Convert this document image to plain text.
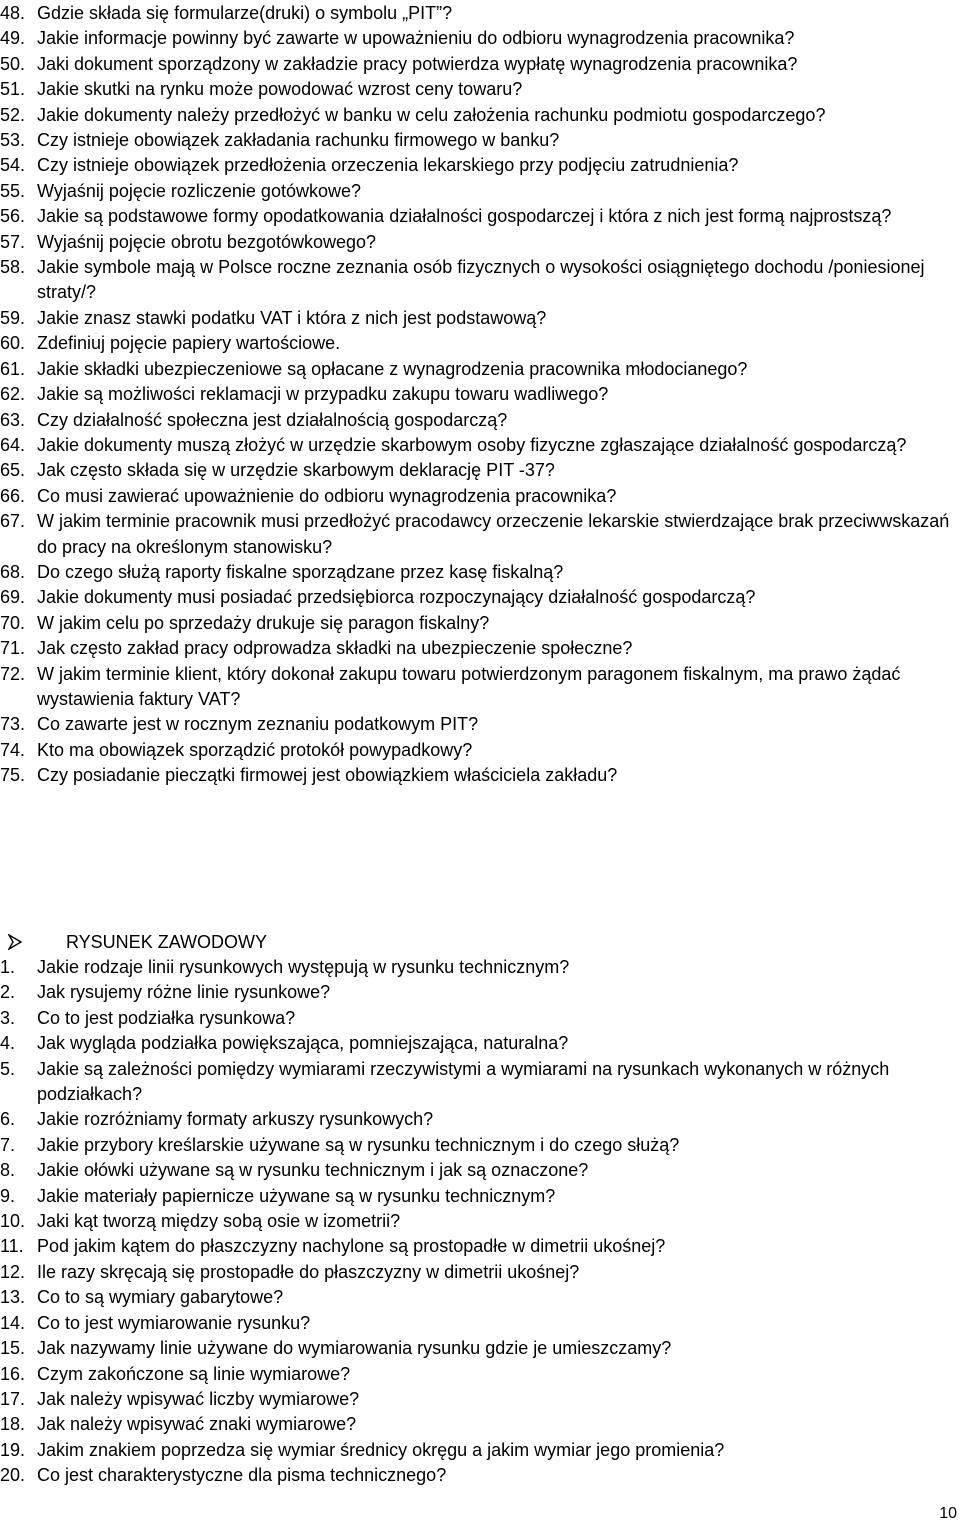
48. Gdzie składa się formularze(druki) o symbolu „PIT”?
49. Jakie informacje powinny być zawarte w upoważnieniu do odbioru wynagrodzenia pracownika?
50. Jaki dokument sporządzony w zakładzie pracy potwierdza wypłatę wynagrodzenia pracownika?
51. Jakie skutki na rynku może powodować wzrost ceny towaru?
52. Jakie dokumenty należy przedłożyć w banku w celu założenia rachunku podmiotu gospodarczego?
53. Czy istnieje obowiązek zakładania rachunku firmowego w banku?
54. Czy istnieje obowiązek przedłożenia orzeczenia lekarskiego przy podjęciu zatrudnienia?
55. Wyjaśnij pojęcie rozliczenie gotówkowe?
56. Jakie są podstawowe formy opodatkowania działalności gospodarczej i która z nich jest formą najprostszą?
57. Wyjaśnij pojęcie obrotu bezgotówkowego?
58. Jakie symbole mają w Polsce roczne zeznania osób fizycznych o wysokości osiągniętego dochodu /poniesionej straty/?
59. Jakie znasz stawki podatku VAT i która z nich jest podstawową?
60. Zdefiniuj pojęcie papiery wartościowe.
61. Jakie składki ubezpieczeniowe są opłacane z wynagrodzenia pracownika młodocianego?
62. Jakie są możliwości reklamacji w przypadku zakupu towaru wadliwego?
63. Czy działalność społeczna jest działalnością gospodarczą?
64. Jakie dokumenty muszą złożyć w urzędzie skarbowym osoby fizyczne zgłaszające działalność gospodarczą?
65. Jak często składa się w urzędzie skarbowym deklarację PIT -37?
66. Co musi zawierać upoważnienie do odbioru wynagrodzenia pracownika?
67. W jakim terminie pracownik musi przedłożyć pracodawcy orzeczenie lekarskie stwierdzające brak przeciwwskazań do pracy na określonym stanowisku?
68. Do czego służą raporty fiskalne sporządzane przez kasę fiskalną?
69. Jakie dokumenty musi posiadać przedsiębiorca rozpoczynający działalność gospodarczą?
70. W jakim celu po sprzedaży drukuje się paragon fiskalny?
71. Jak często zakład pracy odprowadza składki na ubezpieczenie społeczne?
72. W jakim terminie klient, który dokonał zakupu towaru potwierdzonym paragonem fiskalnym, ma prawo żądać wystawienia faktury VAT?
73. Co zawarte jest w rocznym zeznaniu podatkowym PIT?
74. Kto ma obowiązek sporządzić protokół powypadkowy?
75. Czy posiadanie pieczątki firmowej jest obowiązkiem właściciela zakładu?
RYSUNEK ZAWODOWY
1.	Jakie rodzaje linii rysunkowych występują w rysunku technicznym?
2.	Jak rysujemy różne linie rysunkowe?
3.	Co to jest podziałka rysunkowa?
4.	Jak wygląda podziałka powiększająca, pomniejszająca, naturalna?
5.	Jakie są zależności pomiędzy wymiarami rzeczywistymi a wymiarami na rysunkach wykonanych w różnych podziałkach?
6.	Jakie rozróżniamy formaty arkuszy rysunkowych?
7.	Jakie przybory kreślarskie używane są w rysunku technicznym i do czego służą?
8.	Jakie ołówki używane są w rysunku technicznym i jak są oznaczone?
9.	Jakie materiały papiernicze używane są w rysunku technicznym?
10. Jaki kąt tworzą między sobą osie w izometrii?
11. Pod jakim kątem do płaszczyzny nachylone są prostopadłe w dimetrii ukośnej?
12. Ile razy skręcają się prostopadłe do płaszczyzny w dimetrii ukośnej?
13. Co to są wymiary gabarytowe?
14. Co to jest wymiarowanie rysunku?
15. Jak nazywamy linie używane do wymiarowania rysunku gdzie je umieszczamy?
16. Czym zakończone są linie wymiarowe?
17. Jak należy wpisywać liczby wymiarowe?
18. Jak należy wpisywać znaki wymiarowe?
19. Jakim znakiem poprzedza się wymiar średnicy okręgu a jakim wymiar jego promienia?
20. Co jest charakterystyczne dla pisma technicznego?
10
